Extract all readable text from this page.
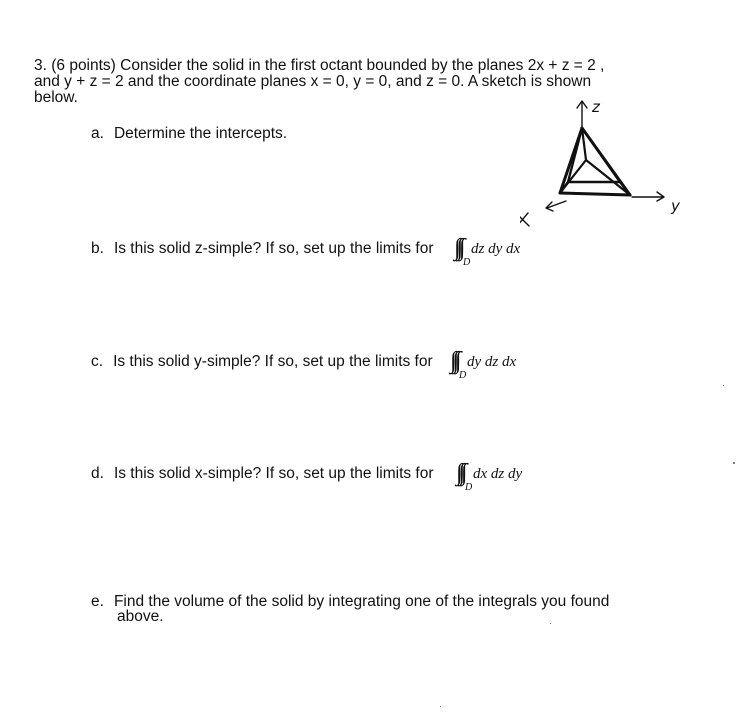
3. (6 points) Consider the solid in the first octant bounded by the planes 2x + z = 2 ,
and y + z = 2 and the coordinate planes x = 0, y = 0, and z = 0. A sketch is shown
below.
a. Determine the intercepts.
b. Is this solid z-simple? If so, set up the limits for	dz dy dx
D
c. Is this solid y-simple? If so, set up the limits for	dy dz dx
D
d. Is this solid x-simple? If so, set up the limits for	dx dz dy
D
e. Find the volume of the solid by integrating one of the integrals you found
above.
z
y
